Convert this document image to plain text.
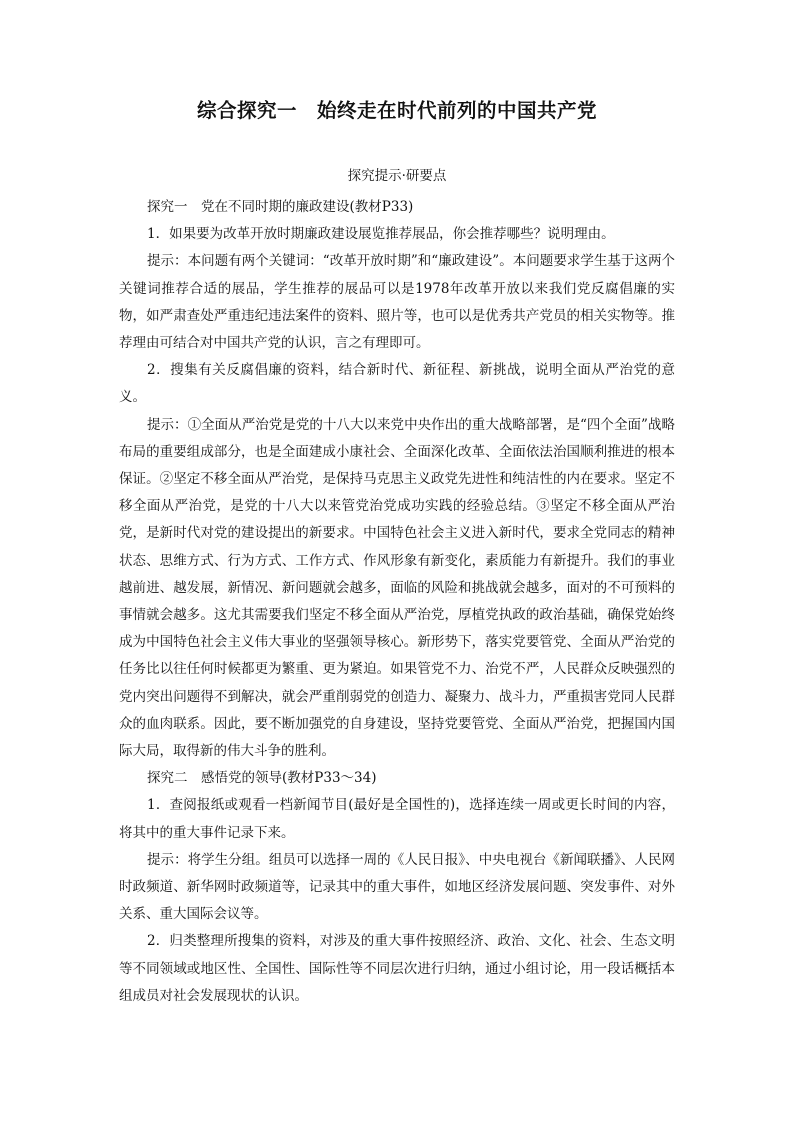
综合探究一　始终走在时代前列的中国共产党
探究提示·研要点

探究一　党在不同时期的廉政建设(教材P33)

1．如果要为改革开放时期廉政建设展览推荐展品，你会推荐哪些？说明理由。

提示：本问题有两个关键词：“改革开放时期”和“廉政建设”。本问题要求学生基于这两个关键词推荐合适的展品，学生推荐的展品可以是1978年改革开放以来我们党反腐倡廉的实物，如严肃查处严重违纪违法案件的资料、照片等，也可以是优秀共产党员的相关实物等。推荐理由可结合对中国共产党的认识，言之有理即可。

2．搜集有关反腐倡廉的资料，结合新时代、新征程、新挑战，说明全面从严治党的意义。

提示：①全面从严治党是党的十八大以来党中央作出的重大战略部署，是“四个全面”战略布局的重要组成部分，也是全面建成小康社会、全面深化改革、全面依法治国顺利推进的根本保证。②坚定不移全面从严治党，是保持马克思主义政党先进性和纯洁性的内在要求。坚定不移全面从严治党，是党的十八大以来管党治党成功实践的经验总结。③坚定不移全面从严治党，是新时代对党的建设提出的新要求。中国特色社会主义进入新时代，要求全党同志的精神状态、思维方式、行为方式、工作方式、作风形象有新变化，素质能力有新提升。我们的事业越前进、越发展，新情况、新问题就会越多，面临的风险和挑战就会越多，面对的不可预料的事情就会越多。这尤其需要我们坚定不移全面从严治党，厚植党执政的政治基础，确保党始终成为中国特色社会主义伟大事业的坚强领导核心。新形势下，落实党要管党、全面从严治党的任务比以往任何时候都更为繁重、更为紧迫。如果管党不力、治党不严，人民群众反映强烈的党内突出问题得不到解决，就会严重削弱党的创造力、凝聚力、战斗力，严重损害党同人民群众的血肉联系。因此，要不断加强党的自身建设，坚持党要管党、全面从严治党，把握国内国际大局，取得新的伟大斗争的胜利。

探究二　感悟党的领导(教材P33～34)

1．查阅报纸或观看一档新闻节目(最好是全国性的)，选择连续一周或更长时间的内容，将其中的重大事件记录下来。

提示：将学生分组。组员可以选择一周的《人民日报》、中央电视台《新闻联播》、人民网时政频道、新华网时政频道等，记录其中的重大事件，如地区经济发展问题、突发事件、对外关系、重大国际会议等。

2．归类整理所搜集的资料，对涉及的重大事件按照经济、政治、文化、社会、生态文明等不同领域或地区性、全国性、国际性等不同层次进行归纳，通过小组讨论，用一段话概括本组成员对社会发展现状的认识。
